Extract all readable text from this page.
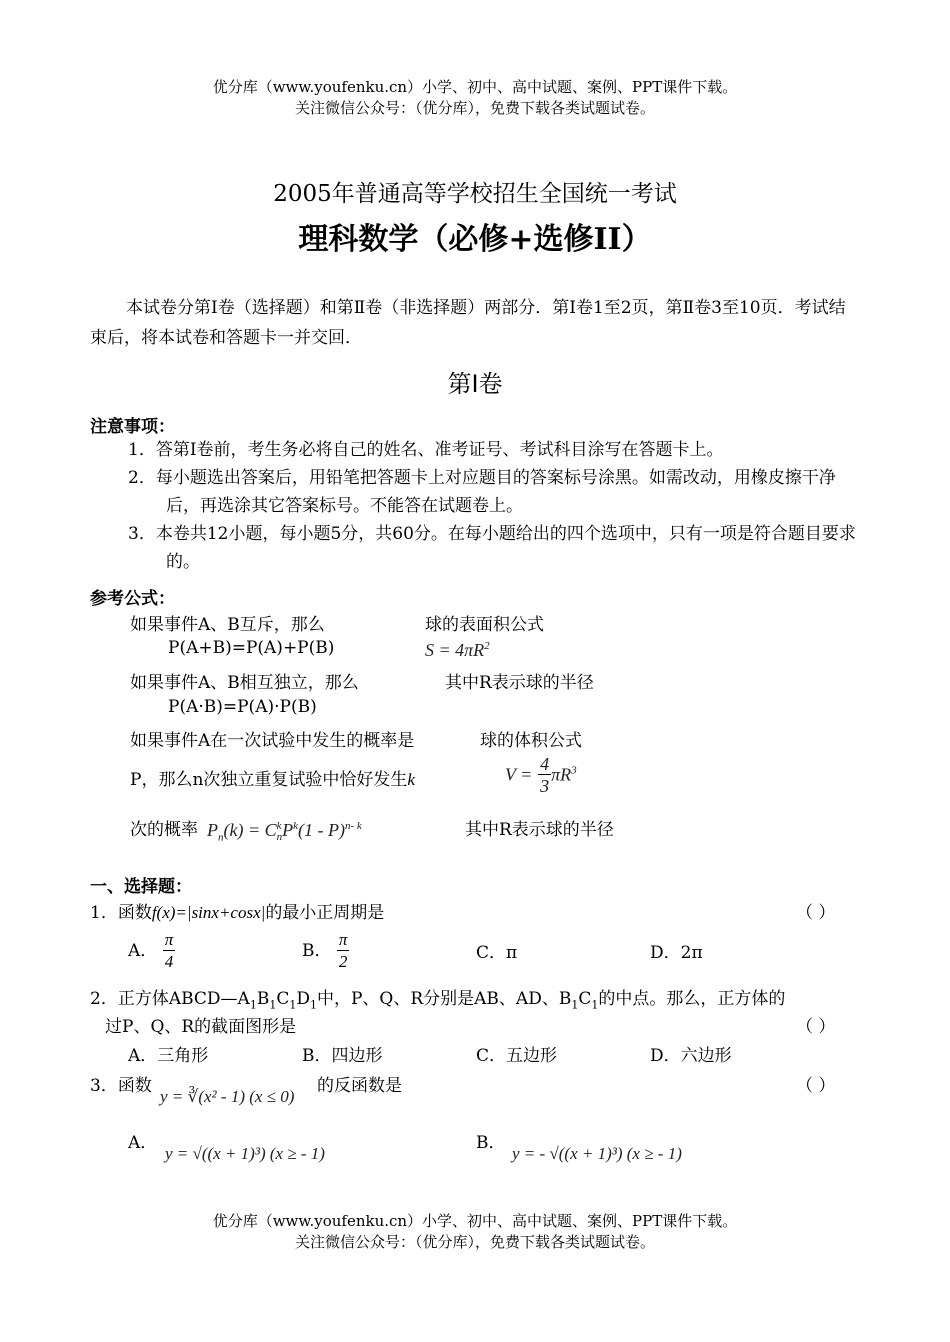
优分库（www.youfenku.cn）小学、初中、高中试题、案例、PPT课件下载。
关注微信公众号：（优分库），免费下载各类试题试卷。
2005年普通高等学校招生全国统一考试
理科数学（必修+选修II）
本试卷分第Ⅰ卷（选择题）和第Ⅱ卷（非选择题）两部分．第Ⅰ卷1至2页，第Ⅱ卷3至10页．考试结束后，将本试卷和答题卡一并交回．
第I卷
注意事项：
1．答第I卷前，考生务必将自己的姓名、准考证号、考试科目涂写在答题卡上。
2．每小题选出答案后，用铅笔把答题卡上对应题目的答案标号涂黑。如需改动，用橡皮擦干净后，再选涂其它答案标号。不能答在试题卷上。
3．本卷共12小题，每小题5分，共60分。在每小题给出的四个选项中，只有一项是符合题目要求的。
参考公式：
如果事件A、B互斥，那么
P(A+B)=P(A)+P(B)
如果事件A、B相互独立，那么
P(A·B)=P(A)·P(B)
如果事件A在一次试验中发生的概率是
P，那么n次独立重复试验中恰好发生k
次的概率 $P_n(k) = C$ k
n $P^k(1 - P)^{n- k}$
球的表面积公式
$S = 4\pi R^2$
其中R表示球的半径
球的体积公式
$V = \frac{4}{3} \pi R^3$
其中R表示球的半径
一、选择题：
1．函数f(x)=|sinx+cosx|的最小正周期是	（ ）
A． $\frac{\pi}{4}$	B． $\frac{\pi}{2}$	C．π	D．2π
2．正方体$ABCD—A_1B_1C_1D_1$中，P、Q、R分别是AB、AD、$B_1C_1$的中点。那么，正方体的
过P、Q、R的截面图形是	（ ）
A．三角形	B．四边形	C．五边形	D．六边形
3．函数
y = ∛(x² - 1) (x ≤ 0)
的反函数是	（ ）
A．
y = √((x + 1)³) (x ≥ - 1)
B．
y = - √((x + 1)³) (x ≥ - 1)
优分库（www.youfenku.cn）小学、初中、高中试题、案例、PPT课件下载。
关注微信公众号：（优分库），免费下载各类试题试卷。
